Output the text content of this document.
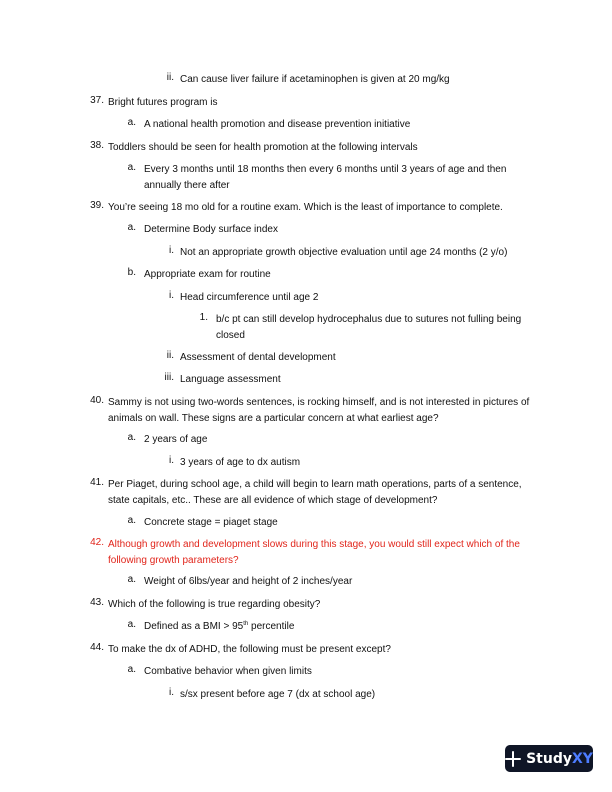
ii. Can cause liver failure if acetaminophen is given at 20 mg/kg
37. Bright futures program is
a. A national health promotion and disease prevention initiative
38. Toddlers should be seen for health promotion at the following intervals
a. Every 3 months until 18 months then every 6 months until 3 years of age and then annually there after
39. You’re seeing 18 mo old for a routine exam. Which is the least of importance to complete.
a. Determine Body surface index
i. Not an appropriate growth objective evaluation until age 24 months (2 y/o)
b. Appropriate exam for routine
i. Head circumference until age 2
1. b/c pt can still develop hydrocephalus due to sutures not fulling being closed
ii. Assessment of dental development
iii. Language assessment
40. Sammy is not using two-words sentences, is rocking himself, and is not interested in pictures of animals on wall. These signs are a particular concern at what earliest age?
a. 2 years of age
i. 3 years of age to dx autism
41. Per Piaget, during school age, a child will begin to learn math operations, parts of a sentence, state capitals, etc.. These are all evidence of which stage of development?
a. Concrete stage = piaget stage
42. Although growth and development slows during this stage, you would still expect which of the following growth parameters?
a. Weight of 6lbs/year and height of 2 inches/year
43. Which of the following is true regarding obesity?
a. Defined as a BMI > 95th percentile
44. To make the dx of ADHD, the following must be present except?
a. Combative behavior when given limits
i. s/sx present before age 7 (dx at school age)
Study XY
